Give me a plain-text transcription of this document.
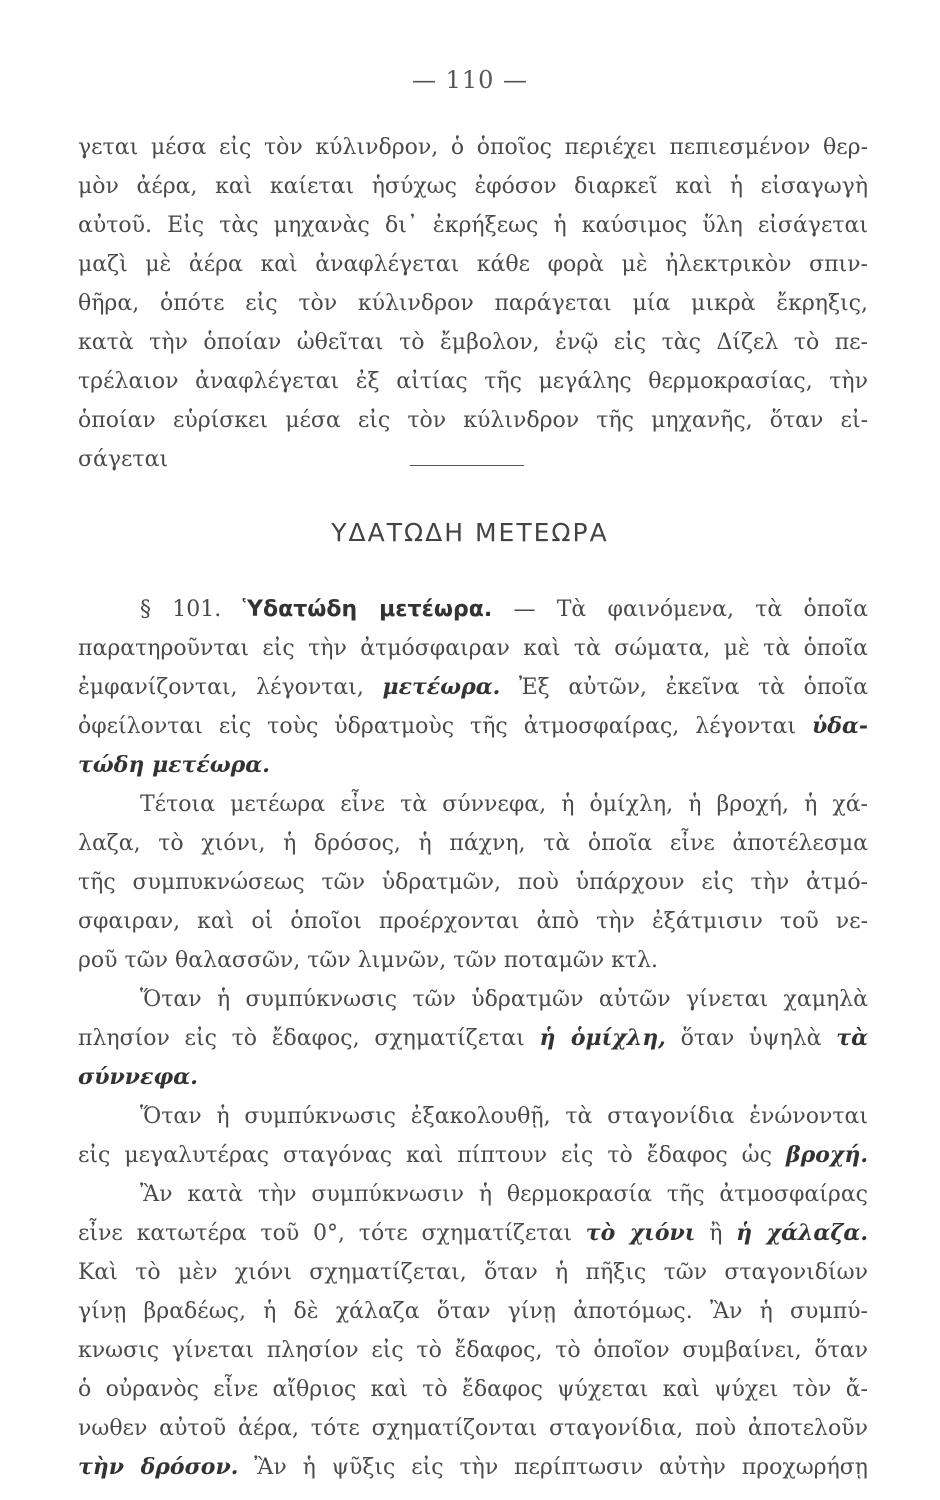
— 110 —
γεται μέσα εἰς τὸν κύλινδρον, ὁ ὁποῖος περιέχει πεπιεσμένον θερ-
μὸν ἀέρα, καὶ καίεται ἡσύχως ἐφόσον διαρκεῖ καὶ ἡ εἰσαγωγὴ
αὐτοῦ. Εἰς τὰς μηχανὰς δι᾿ ἐκρήξεως ἡ καύσιμος ὕλη εἰσάγεται
μαζὶ μὲ ἀέρα καὶ ἀναφλέγεται κάθε φορὰ μὲ ἠλεκτρικὸν σπιν-
θῆρα, ὁπότε εἰς τὸν κύλινδρον παράγεται μία μικρὰ ἔκρηξις,
κατὰ τὴν ὁποίαν ὠθεῖται τὸ ἔμβολον, ἐνῷ εἰς τὰς Δίζελ τὸ πε-
τρέλαιον ἀναφλέγεται ἐξ αἰτίας τῆς μεγάλης θερμοκρασίας, τὴν
ὁποίαν εὑρίσκει μέσα εἰς τὸν κύλινδρον τῆς μηχανῆς, ὅταν εἰ-
σάγεται
ΥΔΑΤΩΔΗ ΜΕΤΕΩΡΑ
§ 101. Ὑδατώδη μετέωρα. — Τὰ φαινόμενα, τὰ ὁποῖα
παρατηροῦνται εἰς τὴν ἀτμόσφαιραν καὶ τὰ σώματα, μὲ τὰ ὁποῖα
ἐμφανίζονται, λέγονται, μετέωρα. Ἐξ αὐτῶν, ἐκεῖνα τὰ ὁποῖα
ὀφείλονται εἰς τοὺς ὑδρατμοὺς τῆς ἀτμοσφαίρας, λέγονται ὑδα-
τώδη μετέωρα.
Τέτοια μετέωρα εἶνε τὰ σύννεφα, ἡ ὁμίχλη, ἡ βροχή, ἡ χά-
λαζα, τὸ χιόνι, ἡ δρόσος, ἡ πάχνη, τὰ ὁποῖα εἶνε ἀποτέλεσμα
τῆς συμπυκνώσεως τῶν ὑδρατμῶν, ποὺ ὑπάρχουν εἰς τὴν ἀτμό-
σφαιραν, καὶ οἱ ὁποῖοι προέρχονται ἀπὸ τὴν ἐξάτμισιν τοῦ νε-
ροῦ τῶν θαλασσῶν, τῶν λιμνῶν, τῶν ποταμῶν κτλ.
Ὅταν ἡ συμπύκνωσις τῶν ὑδρατμῶν αὐτῶν γίνεται χαμηλὰ
πλησίον εἰς τὸ ἔδαφος, σχηματίζεται ἡ ὁμίχλη, ὅταν ὑψηλὰ τὰ
σύννεφα.
Ὅταν ἡ συμπύκνωσις ἐξακολουθῇ, τὰ σταγονίδια ἑνώνονται
εἰς μεγαλυτέρας σταγόνας καὶ πίπτουν εἰς τὸ ἔδαφος ὡς βροχή.
Ἂν κατὰ τὴν συμπύκνωσιν ἡ θερμοκρασία τῆς ἀτμοσφαίρας
εἶνε κατωτέρα τοῦ 0°, τότε σχηματίζεται τὸ χιόνι ἢ ἡ χάλαζα.
Καὶ τὸ μὲν χιόνι σχηματίζεται, ὅταν ἡ πῆξις τῶν σταγονιδίων
γίνῃ βραδέως, ἡ δὲ χάλαζα ὅταν γίνῃ ἀποτόμως. Ἂν ἡ συμπύ-
κνωσις γίνεται πλησίον εἰς τὸ ἔδαφος, τὸ ὁποῖον συμβαίνει, ὅταν
ὁ οὐρανὸς εἶνε αἴθριος καὶ τὸ ἔδαφος ψύχεται καὶ ψύχει τὸν ἄ-
νωθεν αὐτοῦ ἀέρα, τότε σχηματίζονται σταγονίδια, ποὺ ἀποτελοῦν
τὴν δρόσον. Ἂν ἡ ψῦξις εἰς τὴν περίπτωσιν αὐτὴν προχωρήσῃ
